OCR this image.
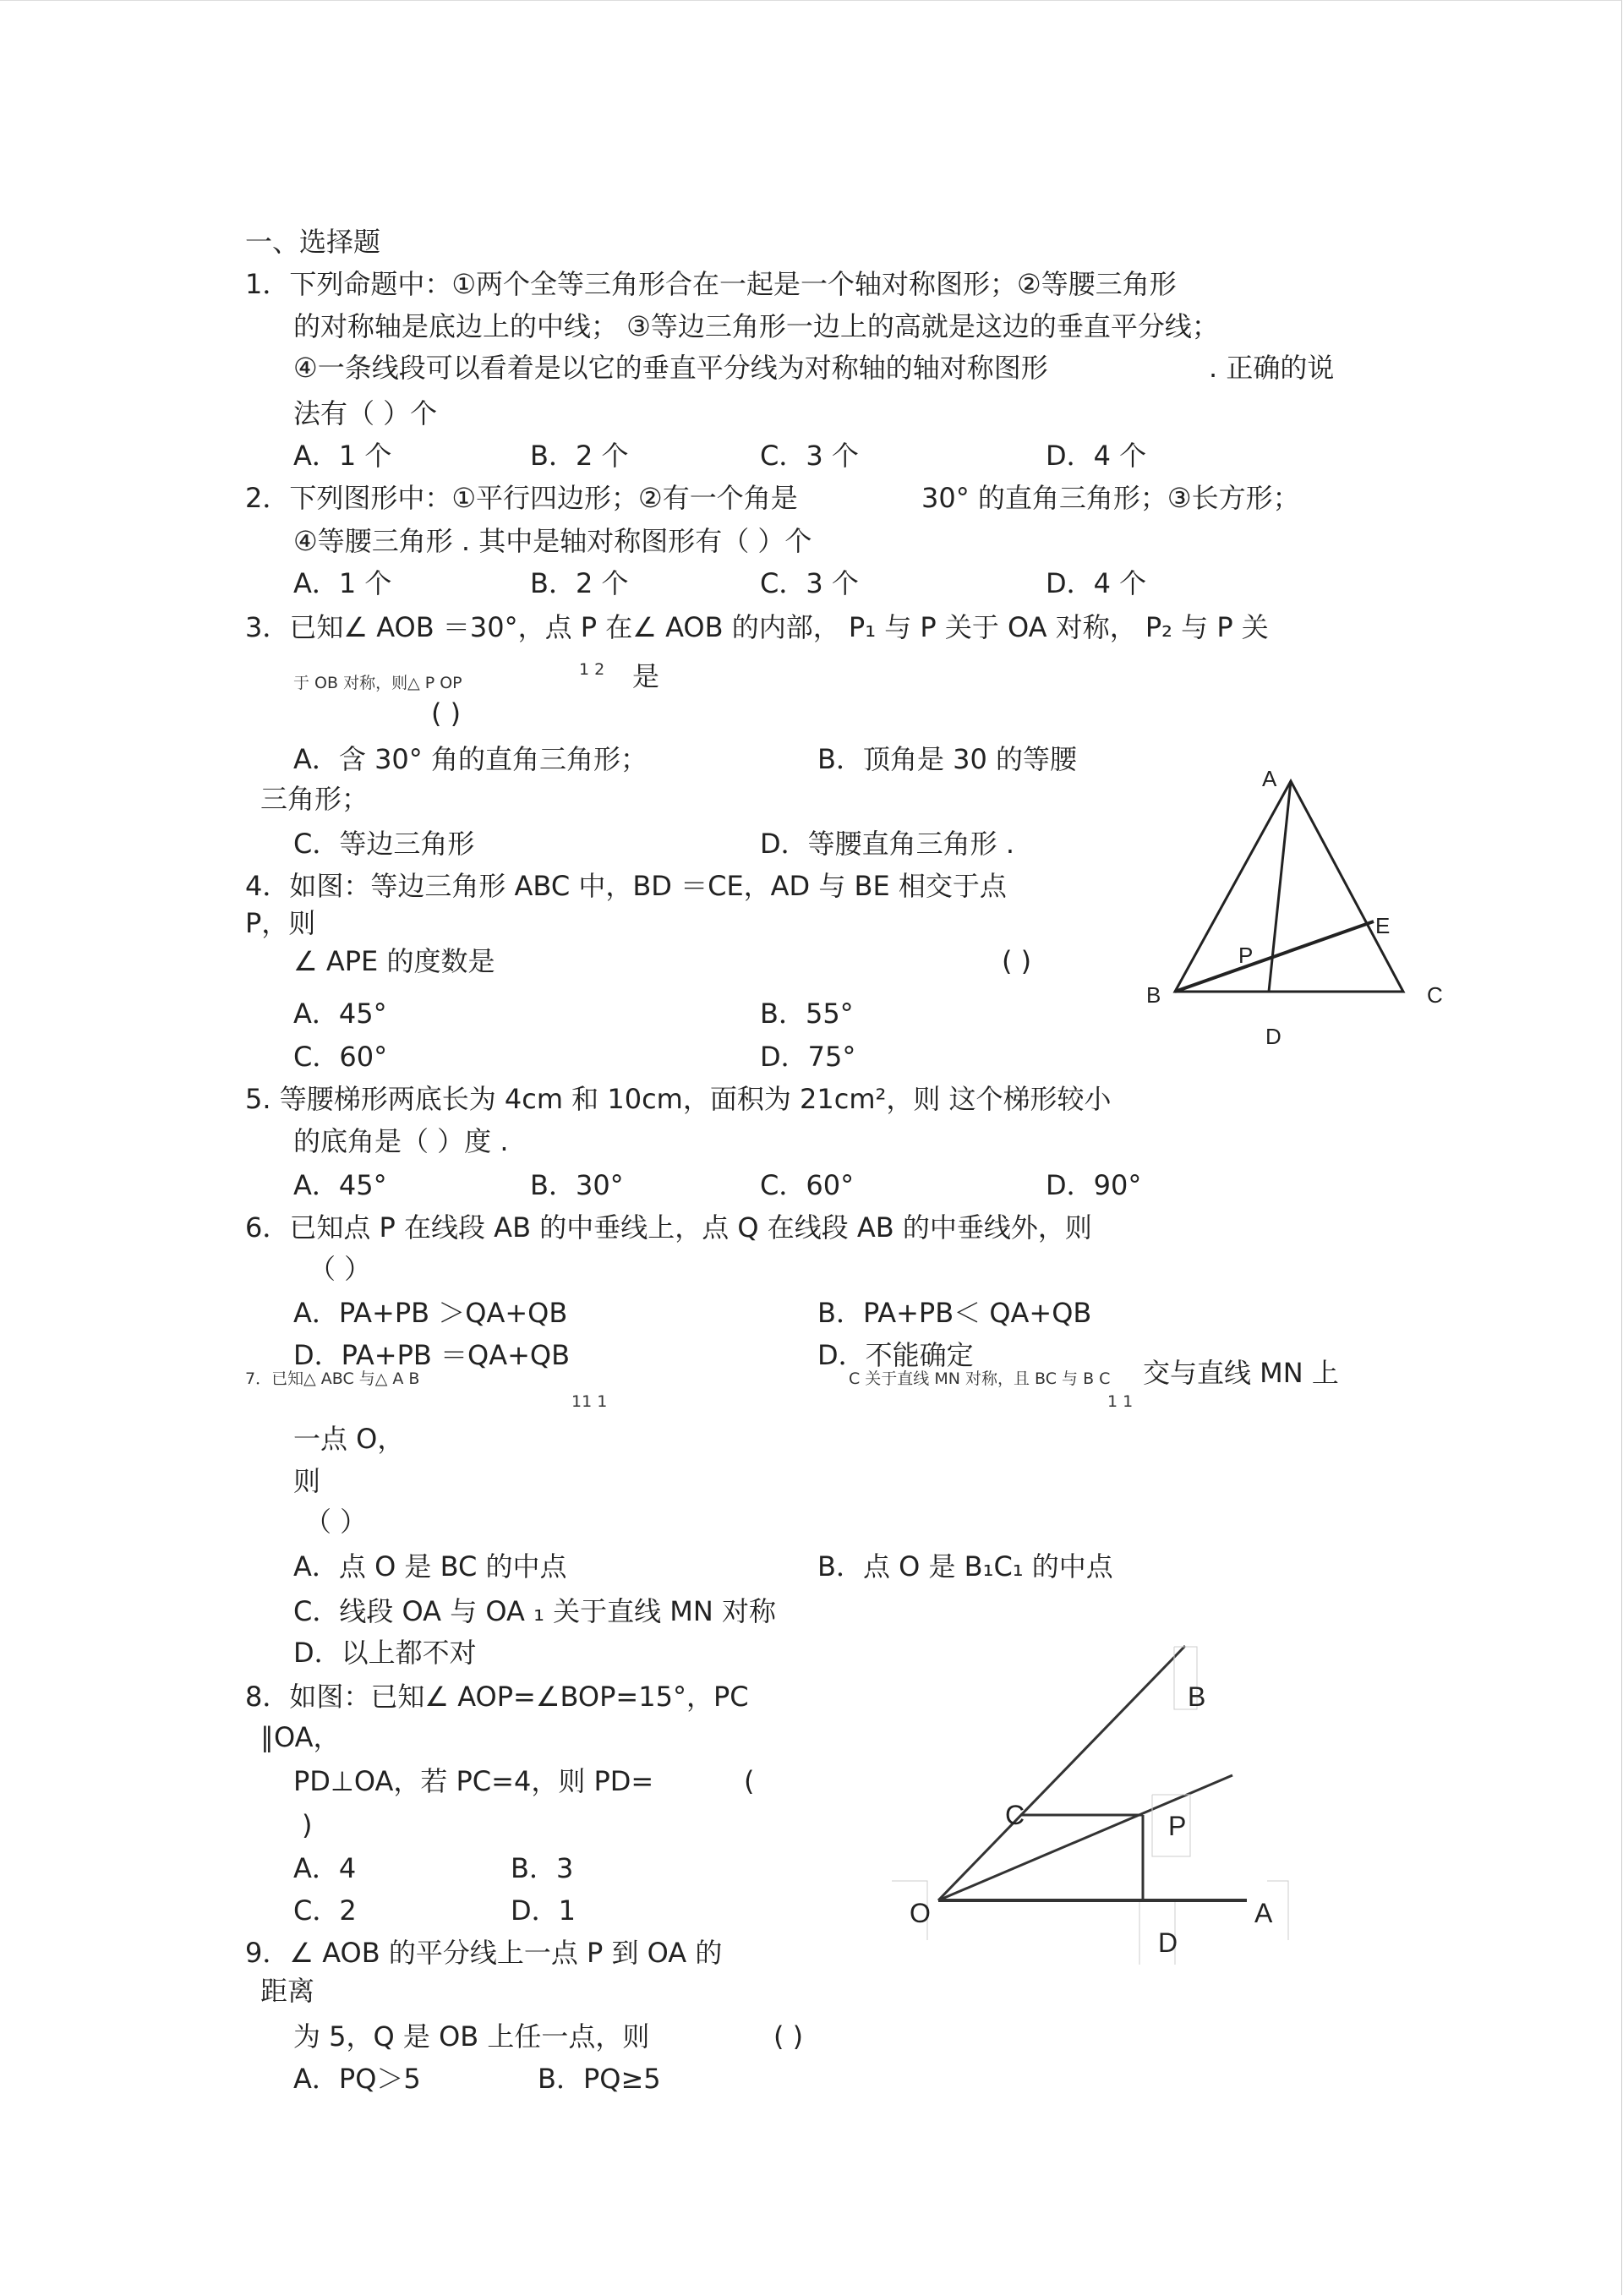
一、选择题
1．下列命题中：①两个全等三角形合在一起是一个轴对称图形；②等腰三角形
的对称轴是底边上的中线； ③等边三角形一边上的高就是这边的垂直平分线；
④一条线段可以看着是以它的垂直平分线为对称轴的轴对称图形	. 正确的说
法有（ ）个
A．1 个	B．2 个	C．3 个	D．4 个
2．下列图形中：①平行四边形；②有一个角是	30° 的直角三角形；③长方形；
④等腰三角形 . 其中是轴对称图形有（ ）个
A．1 个	B．2 个	C．3 个	D．4 个
3．已知∠ AOB ＝30°，点 P 在∠ AOB 的内部， P₁ 与 P 关于 OA 对称， P₂ 与 P 关
于 OB 对称，则△ P OP
1 2 是
( )
A．含 30° 角的直角三角形；	B．顶角是 30 的等腰
三角形；
C．等边三角形	D．等腰直角三角形 .
4．如图：等边三角形 ABC 中，BD ＝CE，AD 与 BE 相交于点
P，则
∠ APE 的度数是	( )
A．45°	B．55°
C．60°	D．75°
5. 等腰梯形两底长为 4cm 和 10cm，面积为 21cm²，则 这个梯形较小
的底角是（ ）度 .
A．45°	B．30°	C．60°	D．90°
6．已知点 P 在线段 AB 的中垂线上，点 Q 在线段 AB 的中垂线外，则
（ ）
A．PA+PB ＞QA+QB	B．PA+PB＜ QA+QB
D．PA+PB ＝QA+QB	D．不能确定
7．已知△ ABC 与△ A B
11 1
C 关于直线 MN 对称，且 BC 与 B C
1 1
交与直线 MN 上
一点 O，
则
（ ）
A．点 O 是 BC 的中点	B．点 O 是 B₁C₁ 的中点
C．线段 OA 与 OA ₁ 关于直线 MN 对称
D．以上都不对
8．如图：已知∠ AOP=∠BOP=15°，PC
∥OA，
PD⊥OA，若 PC=4，则 PD=	(
)
A．4	B．3
C．2	D．1
9．∠ AOB 的平分线上一点 P 到 OA 的
距离
为 5，Q 是 OB 上任一点，则	( )
A．PQ＞5	B．PQ≥5
A
E
P
B	C
D
B
P
C
O	A
D
